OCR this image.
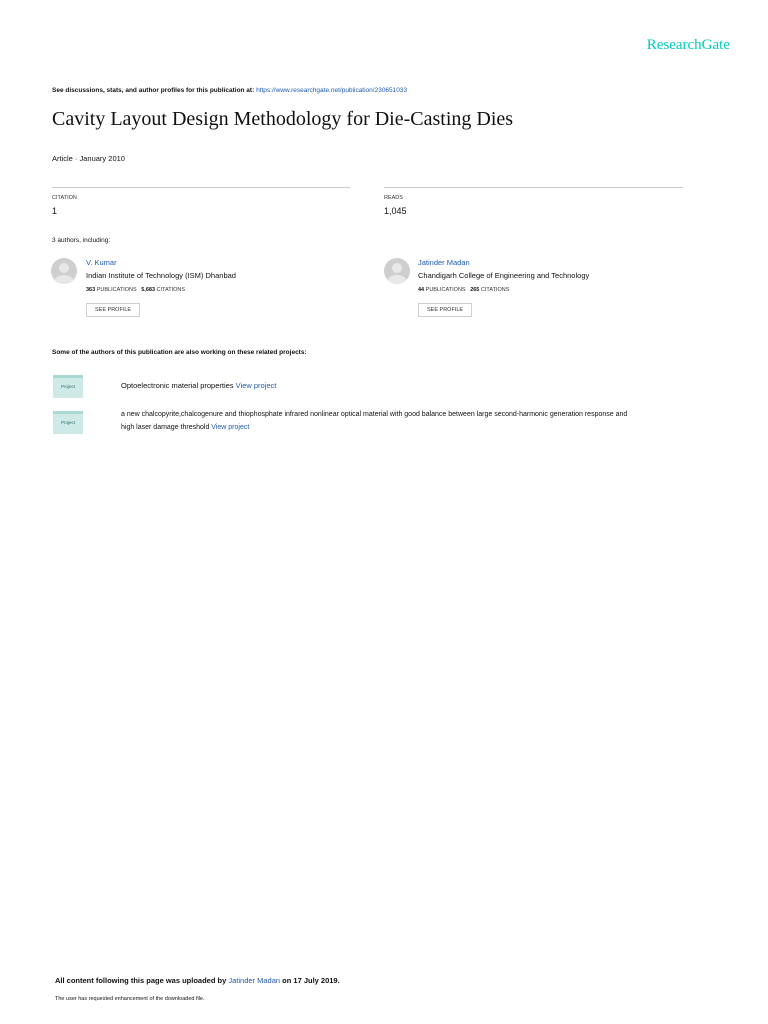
ResearchGate
See discussions, stats, and author profiles for this publication at: https://www.researchgate.net/publication/230651033
Cavity Layout Design Methodology for Die-Casting Dies
Article · January 2010
CITATION
1
READS
1,045
3 authors, including:
V. Kumar
Indian Institute of Technology (ISM) Dhanbad
363 PUBLICATIONS 5,683 CITATIONS
SEE PROFILE
Jatinder Madan
Chandigarh College of Engineering and Technology
44 PUBLICATIONS 265 CITATIONS
SEE PROFILE
Some of the authors of this publication are also working on these related projects:
Project	Optoelectronic material properties View project
Project
a new chalcopyrite,chalcogenure and thiophosphate infrared nonlinear optical material with good balance between large second-harmonic generation response and
high laser damage threshold View project
All content following this page was uploaded by Jatinder Madan on 17 July 2019.
The user has requested enhancement of the downloaded file.
